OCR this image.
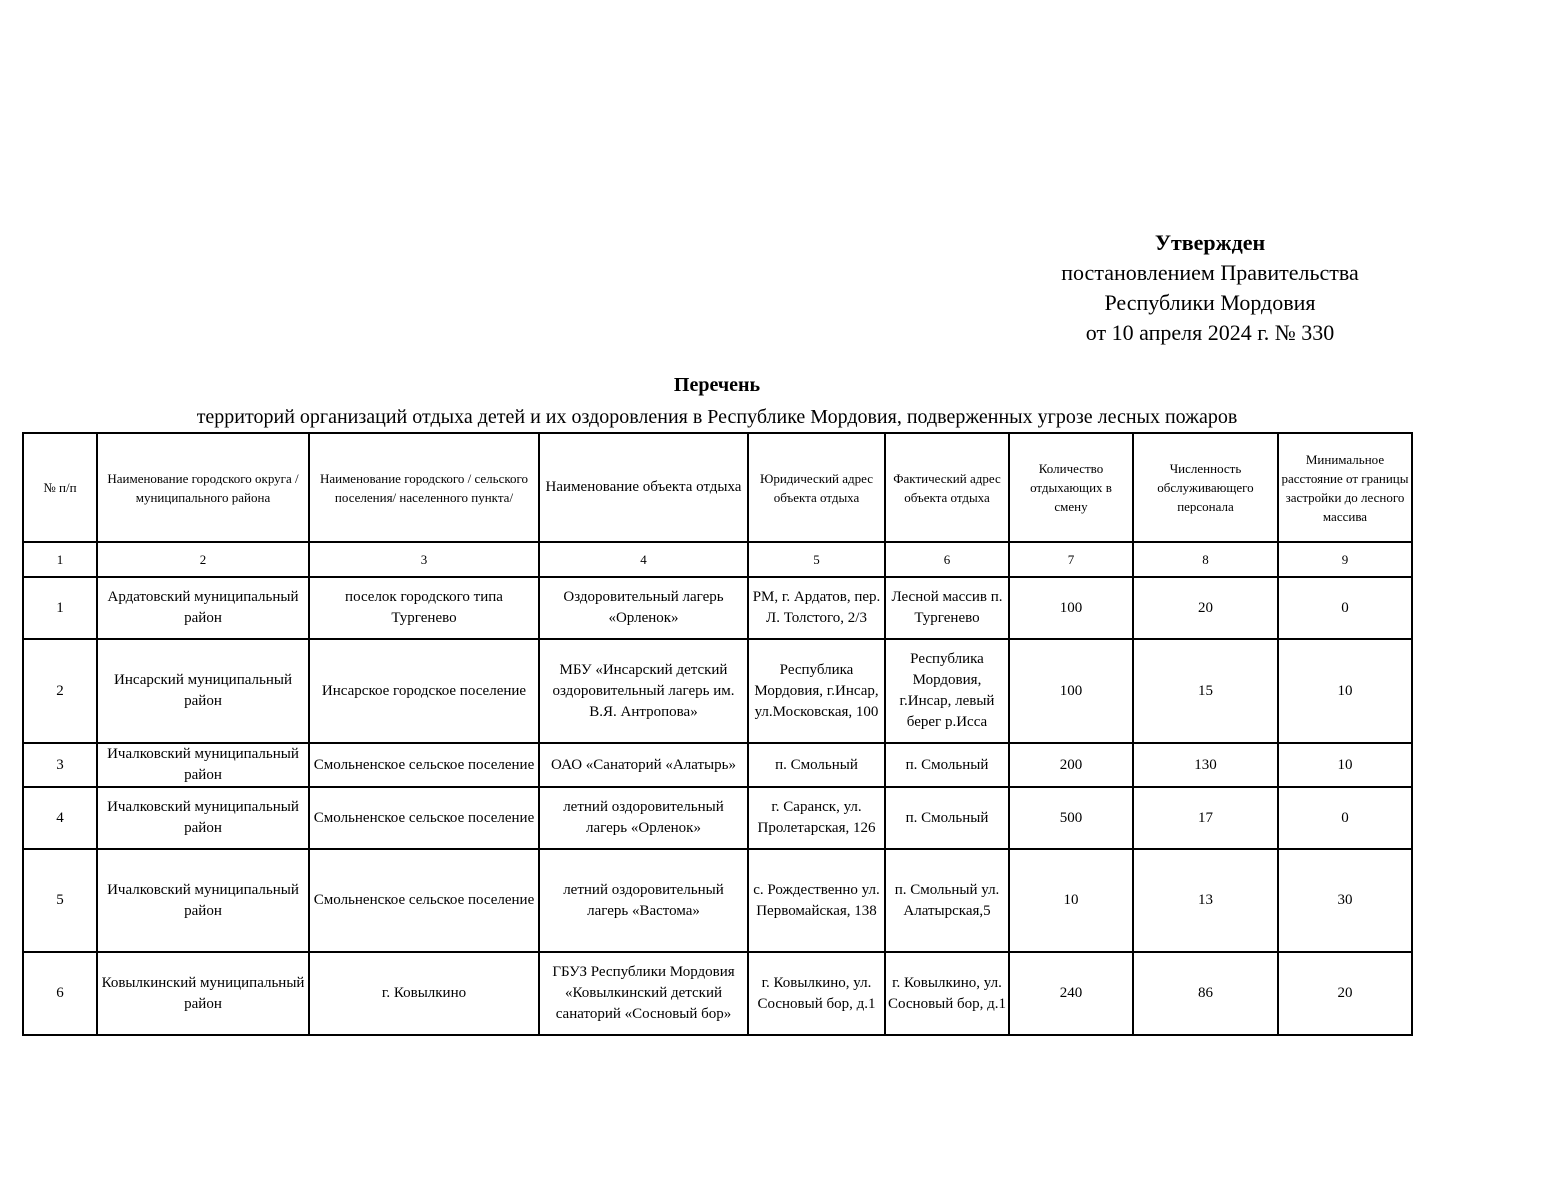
Утвержден
постановлением Правительства
Республики Мордовия
от 10 апреля 2024 г. № 330
Перечень
территорий организаций отдыха детей и их оздоровления в Республике Мордовия, подверженных угрозе лесных пожаров
№ п/п	Наименование городского округа / муниципального района	Наименование городского / сельского поселения/ населенного пункта/	Наименование объекта отдыха	Юридический адрес объекта отдыха	Фактический адрес объекта отдыха	Количество отдыхающих в смену	Численность обслуживающего персонала	Минимальное расстояние от границы застройки до лесного массива
1	2	3	4	5	6	7	8	9
1	Ардатовский муниципальный район	поселок городского типа Тургенево	Оздоровительный лагерь «Орленок»	РМ, г. Ардатов, пер. Л. Толстого, 2/3	Лесной массив п. Тургенево	100	20	0
2	Инсарский муниципальный район	Инсарское городское поселение	МБУ «Инсарский детский оздоровительный лагерь им. В.Я. Антропова»	Республика Мордовия, г.Инсар, ул.Московская, 100	Республика Мордовия, г.Инсар, левый берег р.Исса	100	15	10
3	Ичалковский муниципальный район	Смольненское сельское поселение	ОАО «Санаторий «Алатырь»	п. Смольный	п. Смольный	200	130	10
4	Ичалковский муниципальный район	Смольненское сельское поселение	летний оздоровительный лагерь «Орленок»	г. Саранск, ул. Пролетарская, 126	п. Смольный	500	17	0
5	Ичалковский муниципальный район	Смольненское сельское поселение	летний оздоровительный лагерь «Вастома»	с. Рождественно ул. Первомайская, 138	п. Смольный ул. Алатырская,5	10	13	30
6	Ковылкинский муниципальный район	г. Ковылкино	ГБУЗ Республики Мордовия «Ковылкинский детский санаторий «Сосновый бор»	г. Ковылкино, ул. Сосновый бор, д.1	г. Ковылкино, ул. Сосновый бор, д.1	240	86	20
